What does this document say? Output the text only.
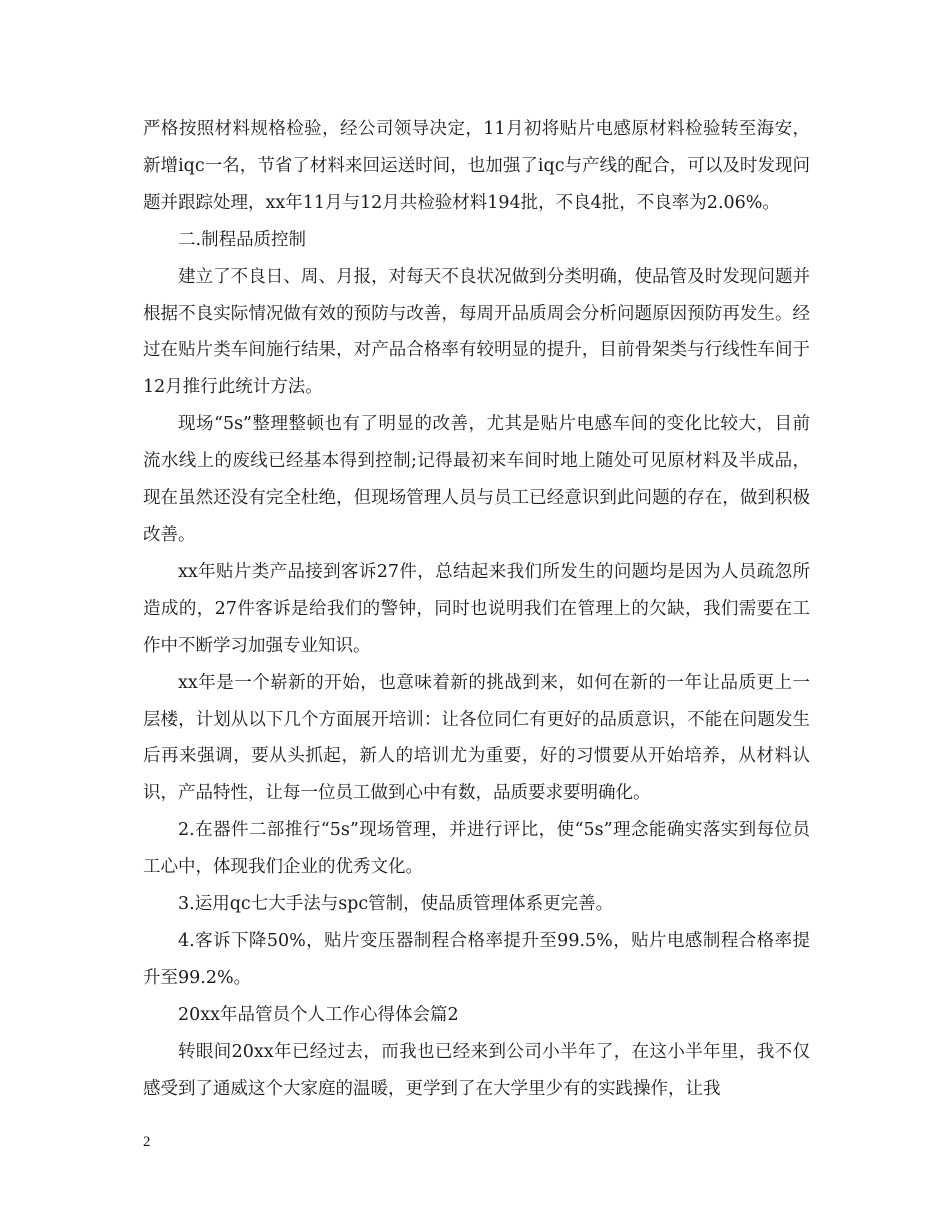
严格按照材料规格检验，经公司领导决定，11月初将贴片电感原材料检验转至海安，新增iqc一名，节省了材料来回运送时间，也加强了iqc与产线的配合，可以及时发现问题并跟踪处理，xx年11月与12月共检验材料194批，不良4批，不良率为2.06%。

二.制程品质控制

建立了不良日、周、月报，对每天不良状况做到分类明确，使品管及时发现问题并根据不良实际情况做有效的预防与改善，每周开品质周会分析问题原因预防再发生。经过在贴片类车间施行结果，对产品合格率有较明显的提升，目前骨架类与行线性车间于12月推行此统计方法。

现场“5s”整理整顿也有了明显的改善，尤其是贴片电感车间的变化比较大，目前流水线上的废线已经基本得到控制;记得最初来车间时地上随处可见原材料及半成品，现在虽然还没有完全杜绝，但现场管理人员与员工已经意识到此问题的存在，做到积极改善。

xx年贴片类产品接到客诉27件，总结起来我们所发生的问题均是因为人员疏忽所造成的，27件客诉是给我们的警钟，同时也说明我们在管理上的欠缺，我们需要在工作中不断学习加强专业知识。

xx年是一个崭新的开始，也意味着新的挑战到来，如何在新的一年让品质更上一层楼，计划从以下几个方面展开培训：让各位同仁有更好的品质意识，不能在问题发生后再来强调，要从头抓起，新人的培训尤为重要，好的习惯要从开始培养，从材料认识，产品特性，让每一位员工做到心中有数，品质要求要明确化。

2.在器件二部推行“5s”现场管理，并进行评比，使“5s”理念能确实落实到每位员工心中，体现我们企业的优秀文化。

3.运用qc七大手法与spc管制，使品质管理体系更完善。

4.客诉下降50%，贴片变压器制程合格率提升至99.5%，贴片电感制程合格率提升至99.2%。

20xx年品管员个人工作心得体会篇2

转眼间20xx年已经过去，而我也已经来到公司小半年了，在这小半年里，我不仅感受到了通威这个大家庭的温暖，更学到了在大学里少有的实践操作，让我

2
